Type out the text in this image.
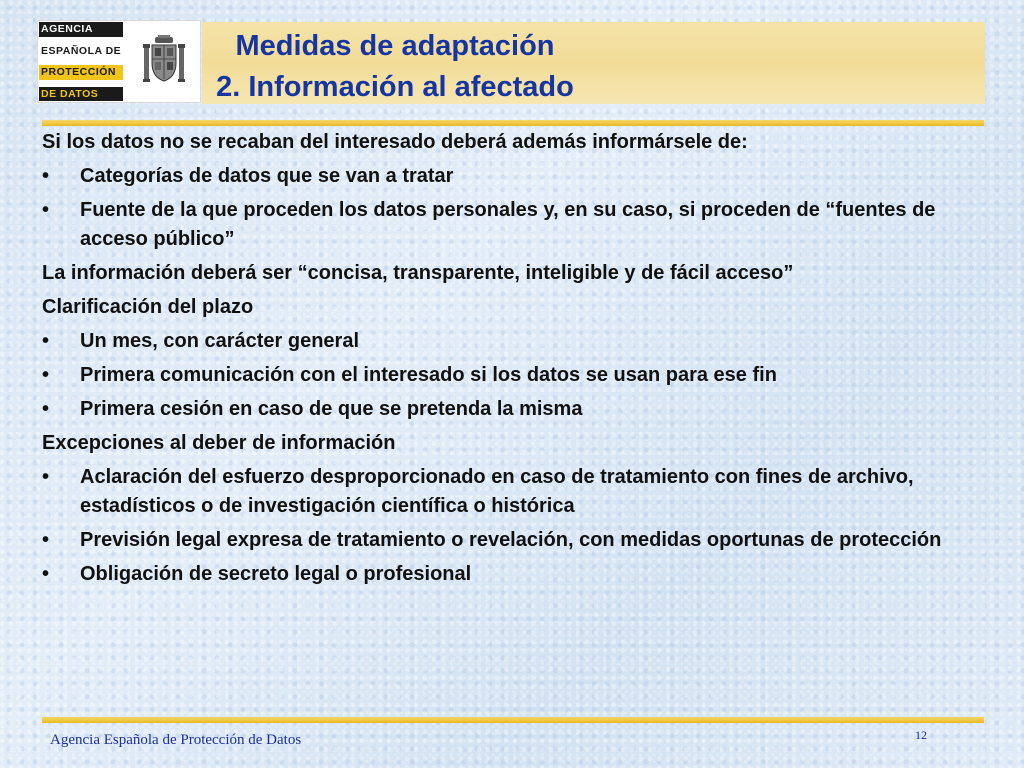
AGENCIA
ESPAÑOLA DE
PROTECCIÓN
DE DATOS
Medidas de adaptación
2. Información al afectado

Si los datos no se recaban del interesado deberá además informársele de:

•	Categorías de datos que se van a tratar
•	Fuente de la que proceden los datos personales y, en su caso, si proceden de “fuentes de acceso público”

La información deberá ser “concisa, transparente, inteligible y de fácil acceso”

Clarificación del plazo

•	Un mes, con carácter general
•	Primera comunicación con el interesado si los datos se usan para ese fin
•	Primera cesión en caso de que se pretenda la misma

Excepciones al deber de información

•	Aclaración del esfuerzo desproporcionado en caso de tratamiento con fines de archivo, estadísticos o de investigación científica o histórica
•	Previsión legal expresa de tratamiento o revelación, con medidas oportunas de protección
•	Obligación de secreto legal o profesional
Agencia Española de Protección de Datos	12
